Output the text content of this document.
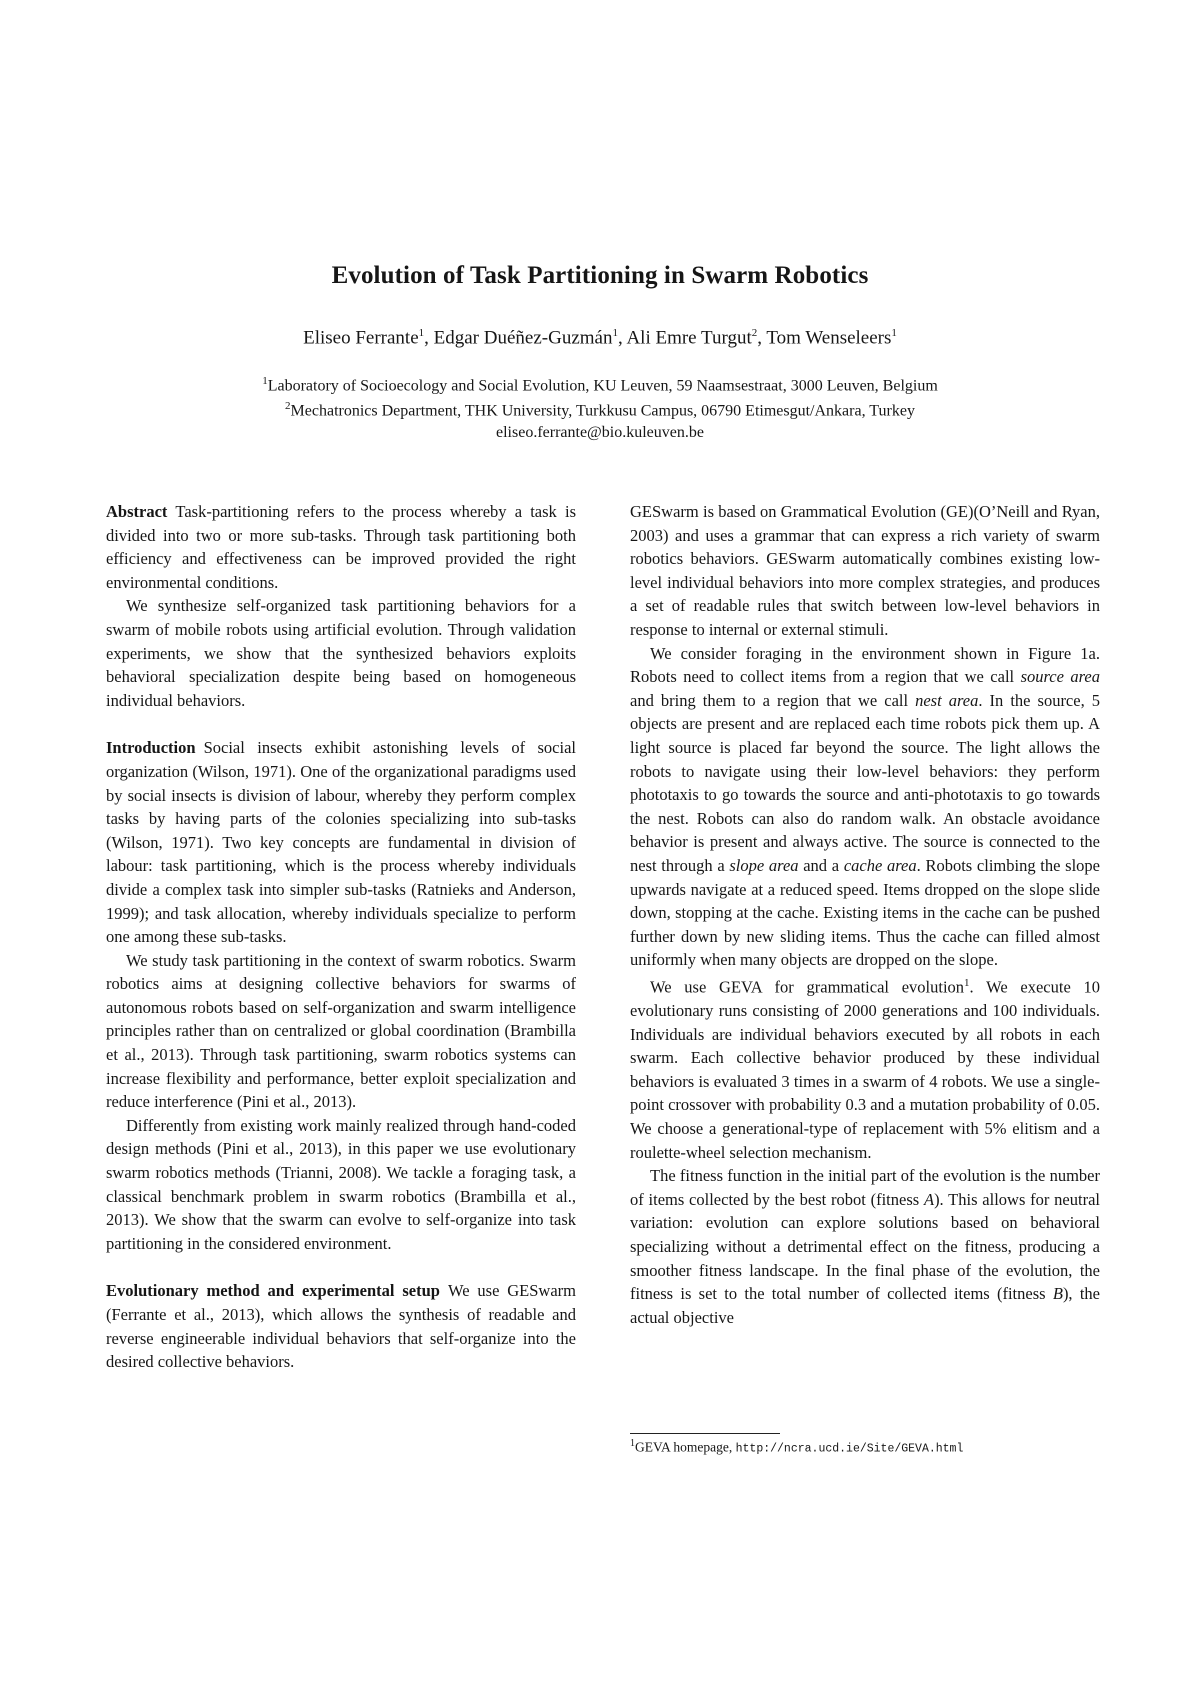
Evolution of Task Partitioning in Swarm Robotics
Eliseo Ferrante$^1$, Edgar Duéñez-Guzmán$^1$, Ali Emre Turgut$^2$, Tom Wenseleers$^1$
$^1$Laboratory of Socioecology and Social Evolution, KU Leuven, 59 Naamsestraat, 3000 Leuven, Belgium
$^2$Mechatronics Department, THK University, Turkkusu Campus, 06790 Etimesgut/Ankara, Turkey
eliseo.ferrante@bio.kuleuven.be

Abstract Task-partitioning refers to the process whereby a task is divided into two or more sub-tasks. Through task partitioning both efficiency and effectiveness can be improved provided the right environmental conditions.

We synthesize self-organized task partitioning behaviors for a swarm of mobile robots using artificial evolution. Through validation experiments, we show that the synthesized behaviors exploits behavioral specialization despite being based on homogeneous individual behaviors.

Introduction Social insects exhibit astonishing levels of social organization (Wilson, 1971). One of the organizational paradigms used by social insects is division of labour, whereby they perform complex tasks by having parts of the colonies specializing into sub-tasks (Wilson, 1971). Two key concepts are fundamental in division of labour: task partitioning, which is the process whereby individuals divide a complex task into simpler sub-tasks (Ratnieks and Anderson, 1999); and task allocation, whereby individuals specialize to perform one among these sub-tasks.

We study task partitioning in the context of swarm robotics. Swarm robotics aims at designing collective behaviors for swarms of autonomous robots based on self-organization and swarm intelligence principles rather than on centralized or global coordination (Brambilla et al., 2013). Through task partitioning, swarm robotics systems can increase flexibility and performance, better exploit specialization and reduce interference (Pini et al., 2013).

Differently from existing work mainly realized through hand-coded design methods (Pini et al., 2013), in this paper we use evolutionary swarm robotics methods (Trianni, 2008). We tackle a foraging task, a classical benchmark problem in swarm robotics (Brambilla et al., 2013). We show that the swarm can evolve to self-organize into task partitioning in the considered environment.

Evolutionary method and experimental setup We use GESwarm (Ferrante et al., 2013), which allows the synthesis of readable and reverse engineerable individual behaviors that self-organize into the desired collective behaviors.

GESwarm is based on Grammatical Evolution (GE)(O’Neill and Ryan, 2003) and uses a grammar that can express a rich variety of swarm robotics behaviors. GESwarm automatically combines existing low-level individual behaviors into more complex strategies, and produces a set of readable rules that switch between low-level behaviors in response to internal or external stimuli.

We consider foraging in the environment shown in Figure 1a. Robots need to collect items from a region that we call source area and bring them to a region that we call nest area. In the source, 5 objects are present and are replaced each time robots pick them up. A light source is placed far beyond the source. The light allows the robots to navigate using their low-level behaviors: they perform phototaxis to go towards the source and anti-phototaxis to go towards the nest. Robots can also do random walk. An obstacle avoidance behavior is present and always active. The source is connected to the nest through a slope area and a cache area. Robots climbing the slope upwards navigate at a reduced speed. Items dropped on the slope slide down, stopping at the cache. Existing items in the cache can be pushed further down by new sliding items. Thus the cache can filled almost uniformly when many objects are dropped on the slope.

We use GEVA for grammatical evolution$^1$. We execute 10 evolutionary runs consisting of 2000 generations and 100 individuals. Individuals are individual behaviors executed by all robots in each swarm. Each collective behavior produced by these individual behaviors is evaluated 3 times in a swarm of 4 robots. We use a single-point crossover with probability 0.3 and a mutation probability of 0.05. We choose a generational-type of replacement with 5% elitism and a roulette-wheel selection mechanism.

The fitness function in the initial part of the evolution is the number of items collected by the best robot (fitness A). This allows for neutral variation: evolution can explore solutions based on behavioral specializing without a detrimental effect on the fitness, producing a smoother fitness landscape. In the final phase of the evolution, the fitness is set to the total number of collected items (fitness B), the actual objective

$^1$GEVA homepage, http://ncra.ucd.ie/Site/GEVA.html
